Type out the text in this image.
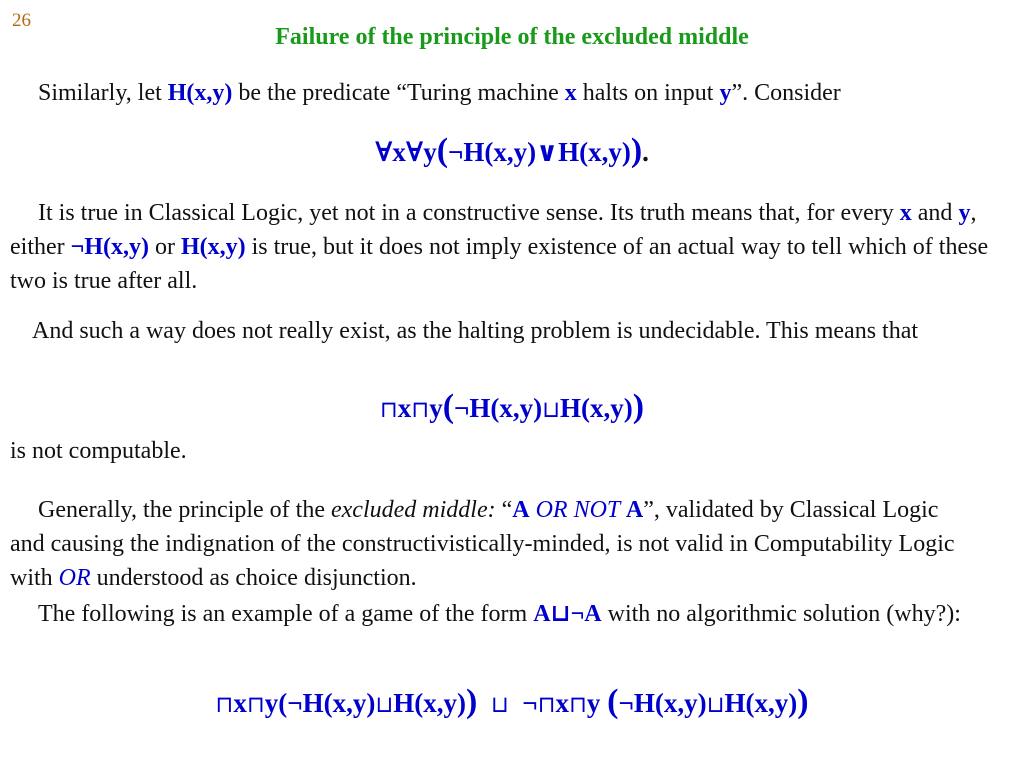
26
Failure of the principle of the excluded middle
Similarly, let H(x,y) be the predicate “Turing machine x halts on input y”. Consider
∀x∀y(¬H(x,y)∨H(x,y)).
It is true in Classical Logic, yet not in a constructive sense. Its truth means that, for every x and y, either ¬H(x,y) or H(x,y) is true, but it does not imply existence of an actual way to tell which of these two is true after all.
And such a way does not really exist, as the halting problem is undecidable. This means that
⊓x⊓y(¬H(x,y)⊔H(x,y))
is not computable.
Generally, the principle of the excluded middle: “A OR NOT A”, validated by Classical Logic and causing the indignation of the constructivistically-minded, is not valid in Computability Logic with OR understood as choice disjunction.
The following is an example of a game of the form A⊔¬A with no algorithmic solution (why?):
⊓x⊓y(¬H(x,y)⊔H(x,y)) ⊔ ¬⊓x⊓y (¬H(x,y)⊔H(x,y))
